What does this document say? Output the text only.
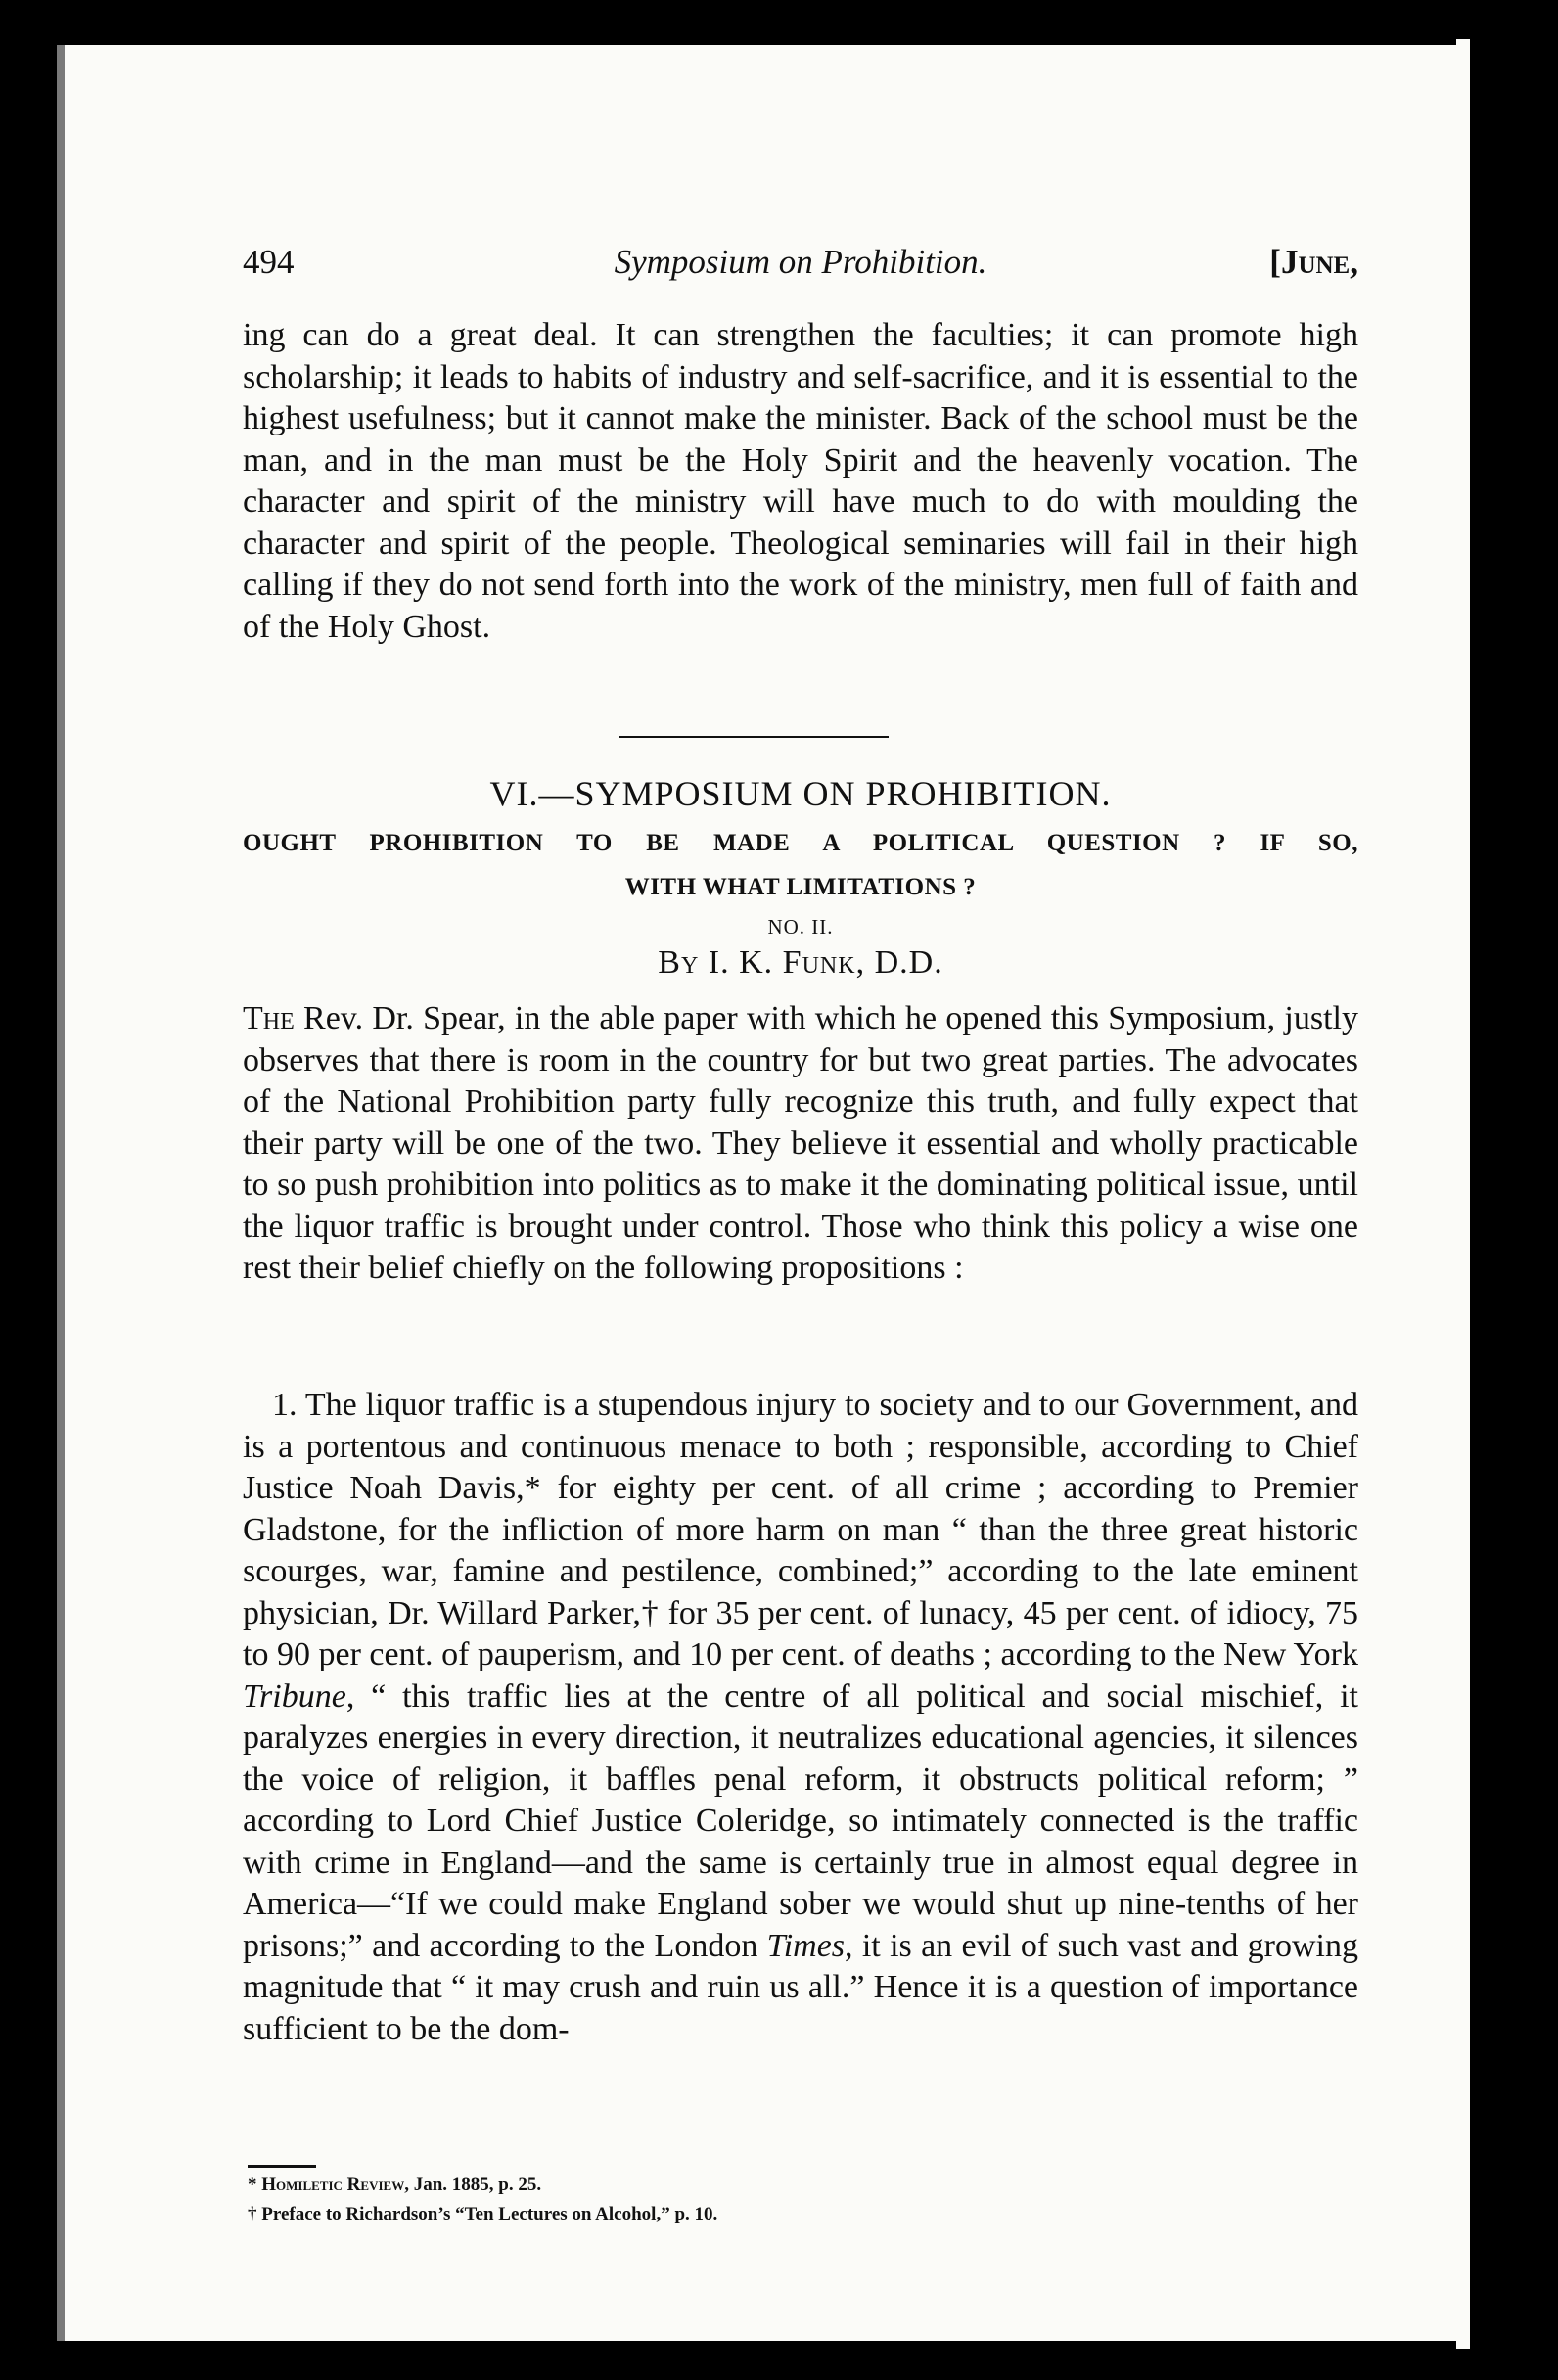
494	Symposium on Prohibition.	[June,

ing can do a great deal. It can strengthen the faculties; it can promote high scholarship; it leads to habits of industry and self-sacrifice, and it is essential to the highest usefulness; but it cannot make the minister. Back of the school must be the man, and in the man must be the Holy Spirit and the heavenly vocation. The character and spirit of the ministry will have much to do with moulding the character and spirit of the people. Theological seminaries will fail in their high calling if they do not send forth into the work of the ministry, men full of faith and of the Holy Ghost.

VI.—SYMPOSIUM ON PROHIBITION.
OUGHT PROHIBITION TO BE MADE A POLITICAL QUESTION ? IF SO,
WITH WHAT LIMITATIONS ?
NO. II.
By I. K. Funk, D.D.

The Rev. Dr. Spear, in the able paper with which he opened this Symposium, justly observes that there is room in the country for but two great parties. The advocates of the National Prohibition party fully recognize this truth, and fully expect that their party will be one of the two. They believe it essential and wholly practicable to so push prohibition into politics as to make it the dominating political issue, until the liquor traffic is brought under control. Those who think this policy a wise one rest their belief chiefly on the following propositions :

1. The liquor traffic is a stupendous injury to society and to our Government, and is a portentous and continuous menace to both ; responsible, according to Chief Justice Noah Davis,* for eighty per cent. of all crime ; according to Premier Gladstone, for the infliction of more harm on man “ than the three great historic scourges, war, famine and pestilence, combined;” according to the late eminent physician, Dr. Willard Parker,† for 35 per cent. of lunacy, 45 per cent. of idiocy, 75 to 90 per cent. of pauperism, and 10 per cent. of deaths ; according to the New York Tribune, “ this traffic lies at the centre of all political and social mischief, it paralyzes energies in every direction, it neutralizes educational agencies, it silences the voice of religion, it baffles penal reform, it obstructs political reform; ” according to Lord Chief Justice Coleridge, so intimately connected is the traffic with crime in England—and the same is certainly true in almost equal degree in America—“If we could make England sober we would shut up nine-tenths of her prisons;” and according to the London Times, it is an evil of such vast and growing magnitude that “ it may crush and ruin us all.” Hence it is a question of importance sufficient to be the dom-

* Homiletic Review, Jan. 1885, p. 25.
† Preface to Richardson’s “Ten Lectures on Alcohol,” p. 10.
